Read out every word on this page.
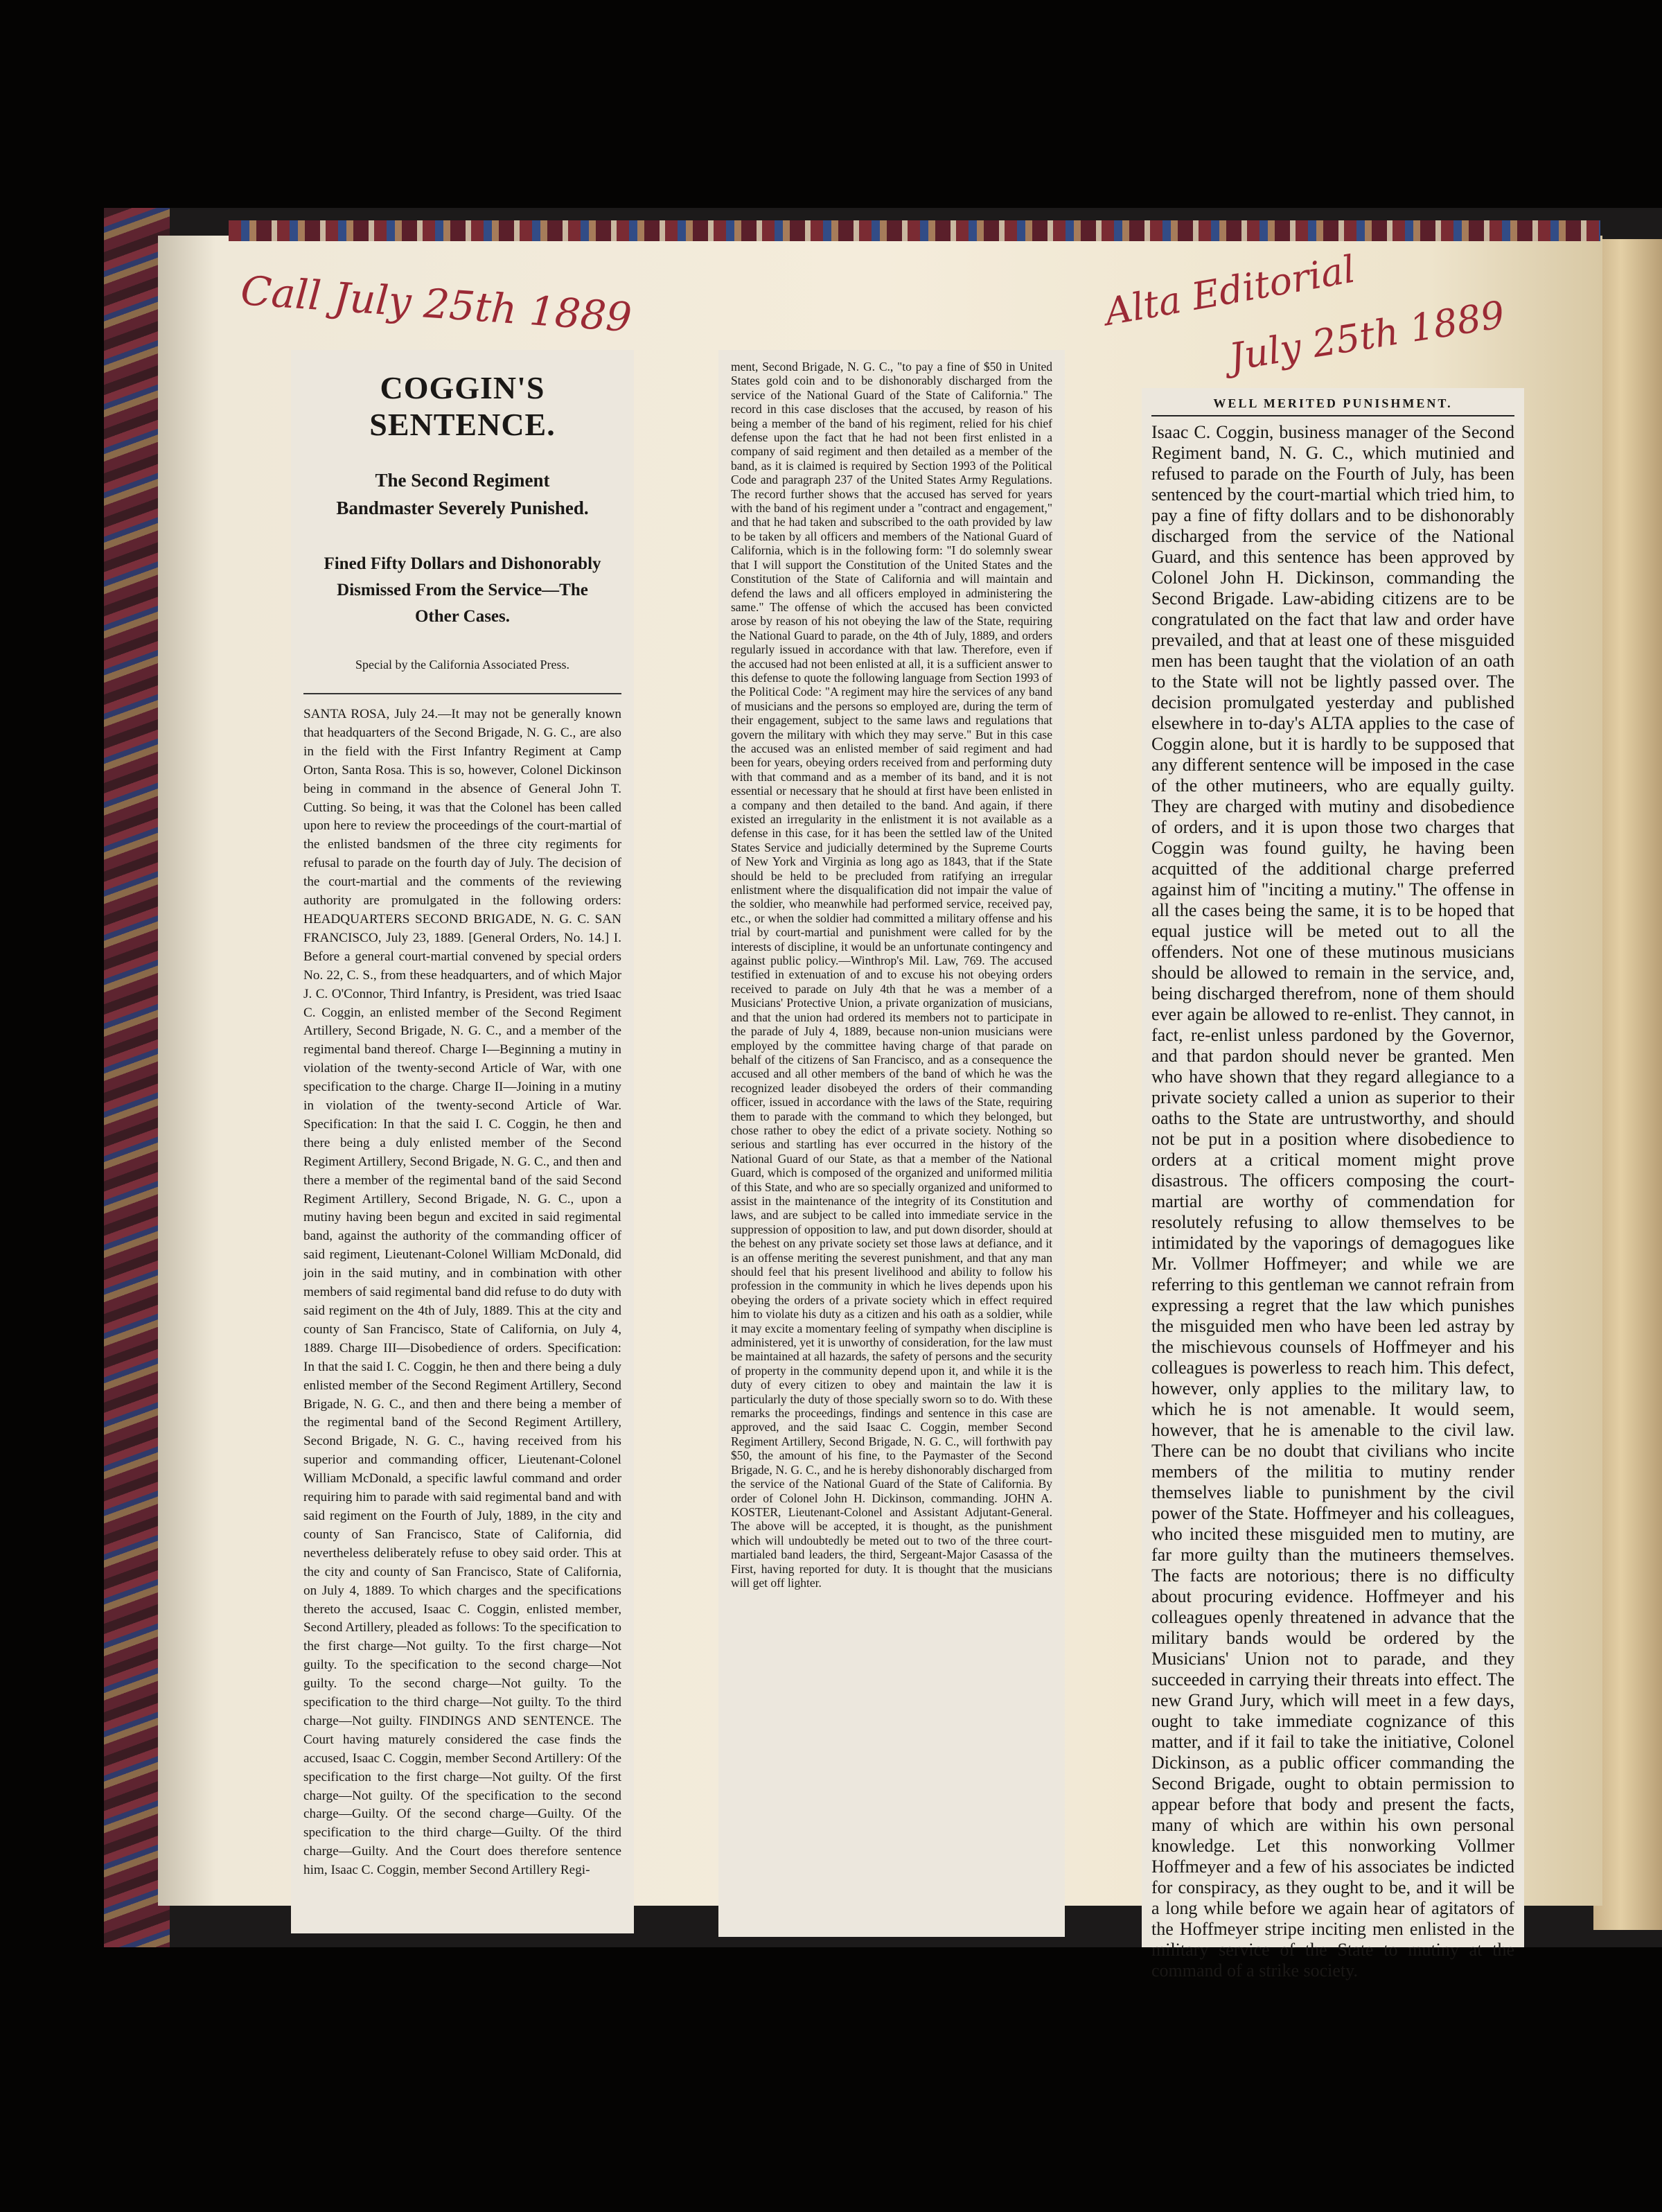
Call July 25th 1889	Alta Editorial
July 25th 1889
COGGIN'S SENTENCE.
The Second Regiment Bandmaster Severely Punished.
Fined Fifty Dollars and Dishonorably Dismissed From the Service—The Other Cases.
Special by the California Associated Press.

SANTA ROSA, July 24.—It may not be generally known that headquarters of the Second Brigade, N. G. C., are also in the field with the First Infantry Regiment at Camp Orton, Santa Rosa. This is so, however, Colonel Dickinson being in command in the absence of General John T. Cutting. So being, it was that the Colonel has been called upon here to review the proceedings of the court-martial of the enlisted bandsmen of the three city regiments for refusal to parade on the fourth day of July. The decision of the court-martial and the comments of the reviewing authority are promulgated in the following orders: HEADQUARTERS SECOND BRIGADE, N. G. C. SAN FRANCISCO, July 23, 1889. [General Orders, No. 14.] I. Before a general court-martial convened by special orders No. 22, C. S., from these headquarters, and of which Major J. C. O'Connor, Third Infantry, is President, was tried Isaac C. Coggin, an enlisted member of the Second Regiment Artillery, Second Brigade, N. G. C., and a member of the regimental band thereof. Charge I—Beginning a mutiny in violation of the twenty-second Article of War, with one specification to the charge. Charge II—Joining in a mutiny in violation of the twenty-second Article of War. Specification: In that the said I. C. Coggin, he then and there being a duly enlisted member of the Second Regiment Artillery, Second Brigade, N. G. C., and then and there a member of the regimental band of the said Second Regiment Artillery, Second Brigade, N. G. C., upon a mutiny having been begun and excited in said regimental band, against the authority of the commanding officer of said regiment, Lieutenant-Colonel William McDonald, did join in the said mutiny, and in combination with other members of said regimental band did refuse to do duty with said regiment on the 4th of July, 1889. This at the city and county of San Francisco, State of California, on July 4, 1889. Charge III—Disobedience of orders. Specification: In that the said I. C. Coggin, he then and there being a duly enlisted member of the Second Regiment Artillery, Second Brigade, N. G. C., and then and there being a member of the regimental band of the Second Regiment Artillery, Second Brigade, N. G. C., having received from his superior and commanding officer, Lieutenant-Colonel William McDonald, a specific lawful command and order requiring him to parade with said regimental band and with said regiment on the Fourth of July, 1889, in the city and county of San Francisco, State of California, did nevertheless deliberately refuse to obey said order. This at the city and county of San Francisco, State of California, on July 4, 1889. To which charges and the specifications thereto the accused, Isaac C. Coggin, enlisted member, Second Artillery, pleaded as follows: To the specification to the first charge—Not guilty. To the first charge—Not guilty. To the specification to the second charge—Not guilty. To the second charge—Not guilty. To the specification to the third charge—Not guilty. To the third charge—Not guilty. FINDINGS AND SENTENCE. The Court having maturely considered the case finds the accused, Isaac C. Coggin, member Second Artillery: Of the specification to the first charge—Not guilty. Of the first charge—Not guilty. Of the specification to the second charge—Guilty. Of the second charge—Guilty. Of the specification to the third charge—Guilty. Of the third charge—Guilty. And the Court does therefore sentence him, Isaac C. Coggin, member Second Artillery Regi-

ment, Second Brigade, N. G. C., "to pay a fine of $50 in United States gold coin and to be dishonorably discharged from the service of the National Guard of the State of California." The record in this case discloses that the accused, by reason of his being a member of the band of his regiment, relied for his chief defense upon the fact that he had not been first enlisted in a company of said regiment and then detailed as a member of the band, as it is claimed is required by Section 1993 of the Political Code and paragraph 237 of the United States Army Regulations. The record further shows that the accused has served for years with the band of his regiment under a "contract and engagement," and that he had taken and subscribed to the oath provided by law to be taken by all officers and members of the National Guard of California, which is in the following form: "I do solemnly swear that I will support the Constitution of the United States and the Constitution of the State of California and will maintain and defend the laws and all officers employed in administering the same." The offense of which the accused has been convicted arose by reason of his not obeying the law of the State, requiring the National Guard to parade, on the 4th of July, 1889, and orders regularly issued in accordance with that law. Therefore, even if the accused had not been enlisted at all, it is a sufficient answer to this defense to quote the following language from Section 1993 of the Political Code: "A regiment may hire the services of any band of musicians and the persons so employed are, during the term of their engagement, subject to the same laws and regulations that govern the military with which they may serve." But in this case the accused was an enlisted member of said regiment and had been for years, obeying orders received from and performing duty with that command and as a member of its band, and it is not essential or necessary that he should at first have been enlisted in a company and then detailed to the band. And again, if there existed an irregularity in the enlistment it is not available as a defense in this case, for it has been the settled law of the United States Service and judicially determined by the Supreme Courts of New York and Virginia as long ago as 1843, that if the State should be held to be precluded from ratifying an irregular enlistment where the disqualification did not impair the value of the soldier, who meanwhile had performed service, received pay, etc., or when the soldier had committed a military offense and his trial by court-martial and punishment were called for by the interests of discipline, it would be an unfortunate contingency and against public policy.—Winthrop's Mil. Law, 769. The accused testified in extenuation of and to excuse his not obeying orders received to parade on July 4th that he was a member of a Musicians' Protective Union, a private organization of musicians, and that the union had ordered its members not to participate in the parade of July 4, 1889, because non-union musicians were employed by the committee having charge of that parade on behalf of the citizens of San Francisco, and as a consequence the accused and all other members of the band of which he was the recognized leader disobeyed the orders of their commanding officer, issued in accordance with the laws of the State, requiring them to parade with the command to which they belonged, but chose rather to obey the edict of a private society. Nothing so serious and startling has ever occurred in the history of the National Guard of our State, as that a member of the National Guard, which is composed of the organized and uniformed militia of this State, and who are so specially organized and uniformed to assist in the maintenance of the integrity of its Constitution and laws, and are subject to be called into immediate service in the suppression of opposition to law, and put down disorder, should at the behest on any private society set those laws at defiance, and it is an offense meriting the severest punishment, and that any man should feel that his present livelihood and ability to follow his profession in the community in which he lives depends upon his obeying the orders of a private society which in effect required him to violate his duty as a citizen and his oath as a soldier, while it may excite a momentary feeling of sympathy when discipline is administered, yet it is unworthy of consideration, for the law must be maintained at all hazards, the safety of persons and the security of property in the community depend upon it, and while it is the duty of every citizen to obey and maintain the law it is particularly the duty of those specially sworn so to do. With these remarks the proceedings, findings and sentence in this case are approved, and the said Isaac C. Coggin, member Second Regiment Artillery, Second Brigade, N. G. C., will forthwith pay $50, the amount of his fine, to the Paymaster of the Second Brigade, N. G. C., and he is hereby dishonorably discharged from the service of the National Guard of the State of California. By order of Colonel John H. Dickinson, commanding. JOHN A. KOSTER, Lieutenant-Colonel and Assistant Adjutant-General. The above will be accepted, it is thought, as the punishment which will undoubtedly be meted out to two of the three court-martialed band leaders, the third, Sergeant-Major Casassa of the First, having reported for duty. It is thought that the musicians will get off lighter.

WELL MERITED PUNISHMENT.

Isaac C. Coggin, business manager of the Second Regiment band, N. G. C., which mutinied and refused to parade on the Fourth of July, has been sentenced by the court-martial which tried him, to pay a fine of fifty dollars and to be dishonorably discharged from the service of the National Guard, and this sentence has been approved by Colonel John H. Dickinson, commanding the Second Brigade. Law-abiding citizens are to be congratulated on the fact that law and order have prevailed, and that at least one of these misguided men has been taught that the violation of an oath to the State will not be lightly passed over. The decision promulgated yesterday and published elsewhere in to-day's ALTA applies to the case of Coggin alone, but it is hardly to be supposed that any different sentence will be imposed in the case of the other mutineers, who are equally guilty. They are charged with mutiny and disobedience of orders, and it is upon those two charges that Coggin was found guilty, he having been acquitted of the additional charge preferred against him of "inciting a mutiny." The offense in all the cases being the same, it is to be hoped that equal justice will be meted out to all the offenders. Not one of these mutinous musicians should be allowed to remain in the service, and, being discharged therefrom, none of them should ever again be allowed to re-enlist. They cannot, in fact, re-enlist unless pardoned by the Governor, and that pardon should never be granted. Men who have shown that they regard allegiance to a private society called a union as superior to their oaths to the State are untrustworthy, and should not be put in a position where disobedience to orders at a critical moment might prove disastrous. The officers composing the court-martial are worthy of commendation for resolutely refusing to allow themselves to be intimidated by the vaporings of demagogues like Mr. Vollmer Hoffmeyer; and while we are referring to this gentleman we cannot refrain from expressing a regret that the law which punishes the misguided men who have been led astray by the mischievous counsels of Hoffmeyer and his colleagues is powerless to reach him. This defect, however, only applies to the military law, to which he is not amenable. It would seem, however, that he is amenable to the civil law. There can be no doubt that civilians who incite members of the militia to mutiny render themselves liable to punishment by the civil power of the State. Hoffmeyer and his colleagues, who incited these misguided men to mutiny, are far more guilty than the mutineers themselves. The facts are notorious; there is no difficulty about procuring evidence. Hoffmeyer and his colleagues openly threatened in advance that the military bands would be ordered by the Musicians' Union not to parade, and they succeeded in carrying their threats into effect. The new Grand Jury, which will meet in a few days, ought to take immediate cognizance of this matter, and if it fail to take the initiative, Colonel Dickinson, as a public officer commanding the Second Brigade, ought to obtain permission to appear before that body and present the facts, many of which are within his own personal knowledge. Let this nonworking Vollmer Hoffmeyer and a few of his associates be indicted for conspiracy, as they ought to be, and it will be a long while before we again hear of agitators of the Hoffmeyer stripe inciting men enlisted in the military service of the State to mutiny at the command of a strike society.
